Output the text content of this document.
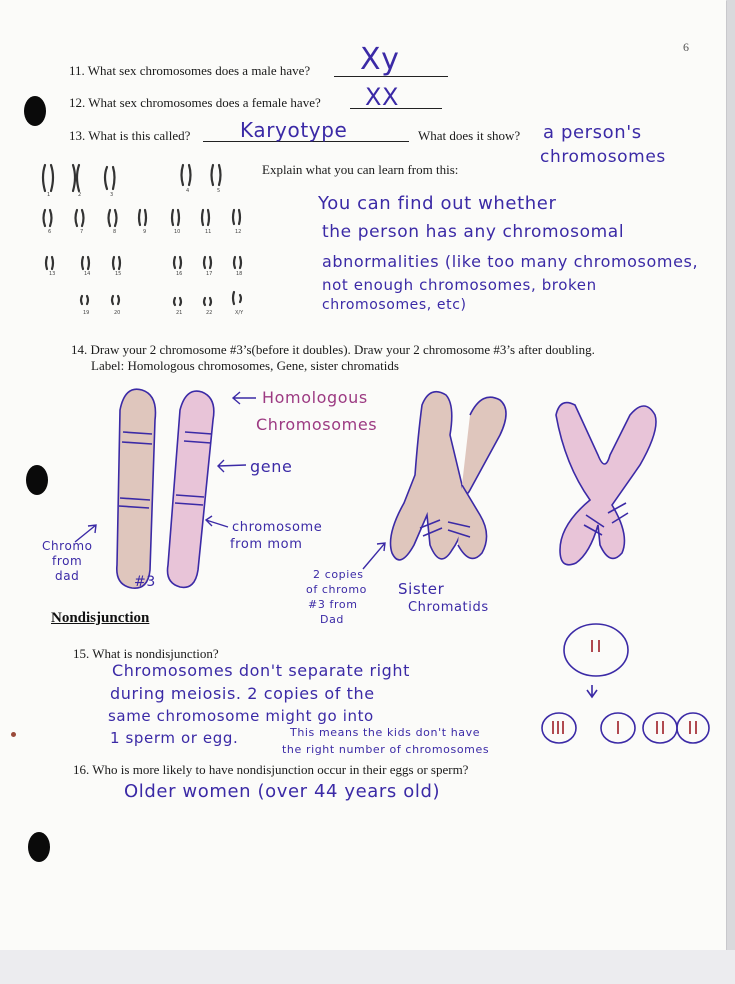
6
11. What sex chromosomes does a male have? Xy
12. What sex chromosomes does a female have? XX
13. What is this called? Karyotype	What does it show? a person's
chromosomes
Explain what you can learn from this:
You can find out whether
the person has any chromosomal
abnormalities (like too many chromosomes,
not enough chromosomes, broken
chromosomes, etc)
1	2	3
4	5
6	7	8	9	10	11	12
13	14	15	16	17	18
19	20	21	22	X/Y
14. Draw your 2 chromosome #3’s(before it doubles). Draw your 2 chromosome #3’s after doubling.
Label: Homologous chromosomes, Gene, sister chromatids
Homologous
Chromosomes
gene
chromosome
from mom
Chromo
from
dad	#3	2 copies
of chromo
#3 from
Dad
Sister
Chromatids
Nondisjunction
15. What is nondisjunction?
Chromosomes don't separate right
during meiosis. 2 copies of the
same chromosome might go into
1 sperm or egg.	This means the kids don't have
the right number of chromosomes
16. Who is more likely to have nondisjunction occur in their eggs or sperm?
Older women (over 44 years old)
